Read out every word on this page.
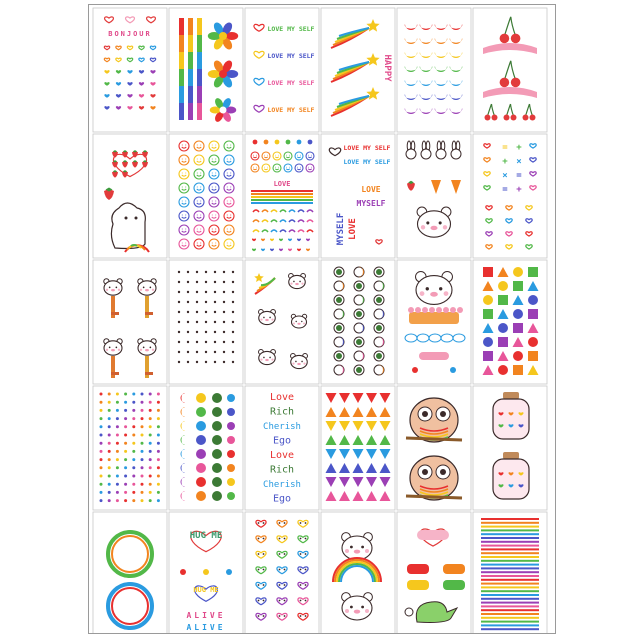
BONJOUR
LOVE MY SELF
LOVE MY SELF
LOVE MY SELF
LOVE MY SELF
HAPPY
LOVE
LOVE MY SELF
LOVE MY SELF
MYSELF LOVE
LOVE
MYSELF
= +
+ ×
× =
= +
Love
Rich
Cherish
Ego
Love
Rich
Cherish
Ego
HUG ME
HUG ME
ALIVE
ALIVE
